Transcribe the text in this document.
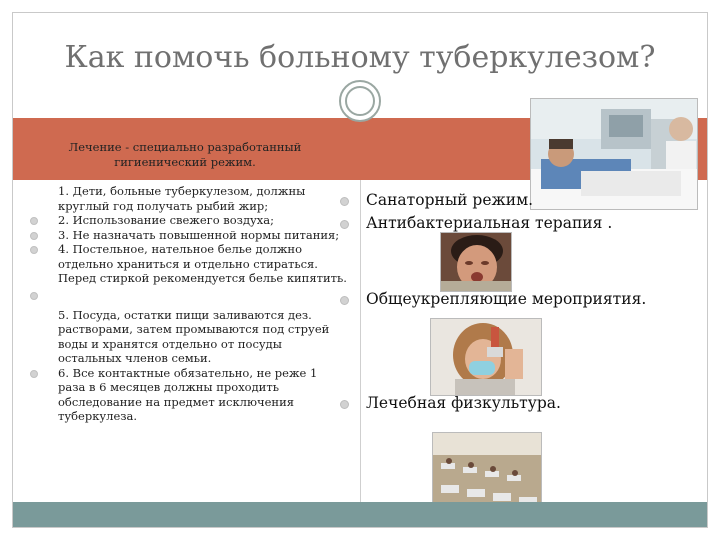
Как помочь больному туберкулезом?
Лечение - специально разработанный
гигиенический режим.
1. Дети, больные туберкулезом, должны круглый год получать рыбий жир;
2. Использование свежего воздуха;
3. Не назначать повышенной нормы питания;
4. Постельное, нательное белье должно отдельно храниться и отдельно стираться. Перед стиркой рекомендуется белье кипятить.
5. Посуда, остатки пищи заливаются дез. растворами, затем промываются под струей воды и хранятся отдельно от посуды остальных членов семьи.
6. Все контактные обязательно, не реже 1 раза в 6 месяцев должны проходить обследование на предмет исключения туберкулеза.
Санаторный режим.
Антибактериальная терапия .
Общеукрепляющие мероприятия.
Лечебная физкультура.
